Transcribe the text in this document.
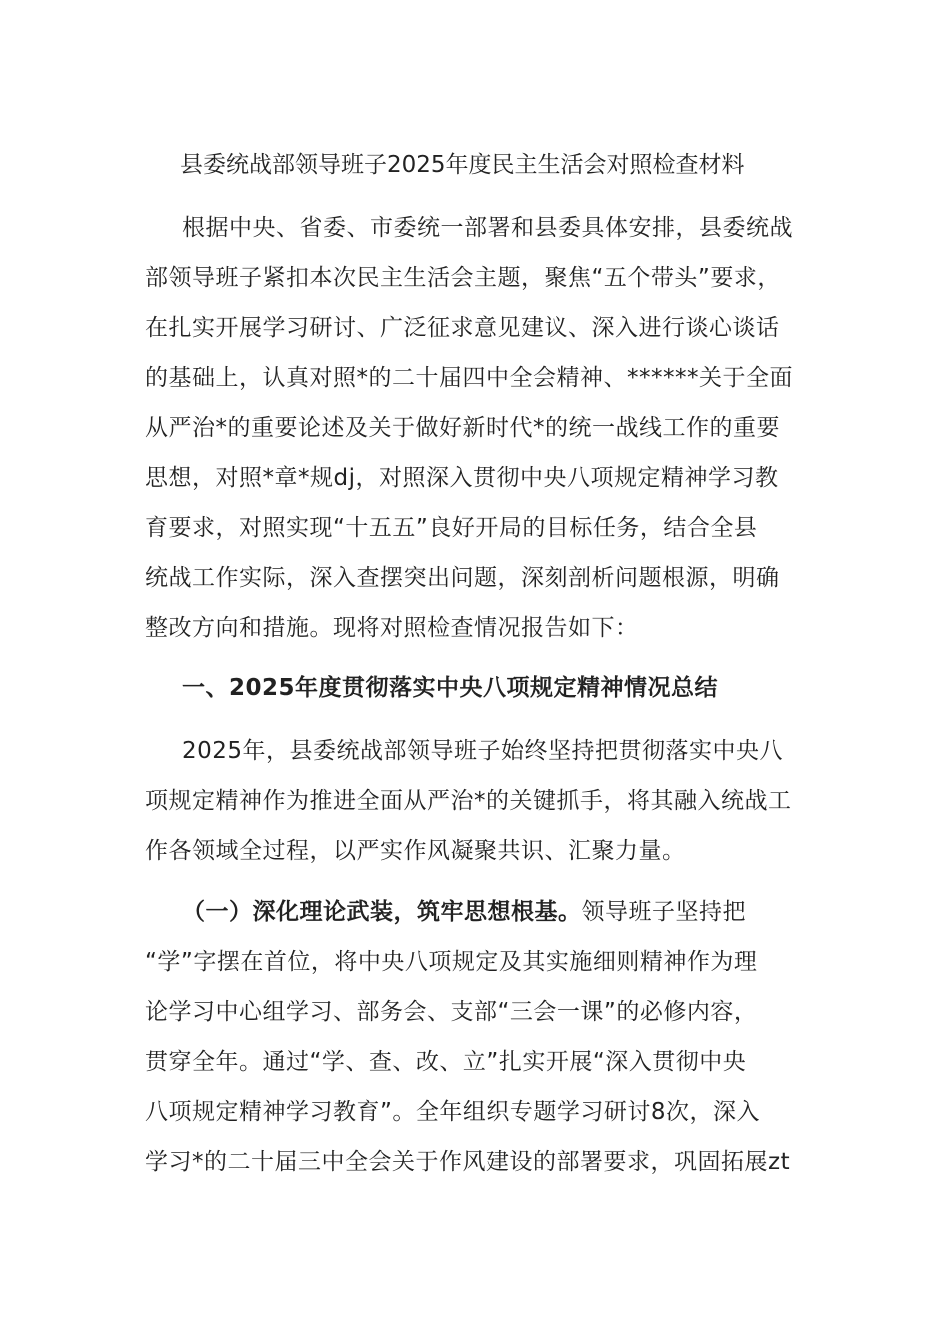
县委统战部领导班子2025年度民主生活会对照检查材料
根据中央、省委、市委统一部署和县委具体安排，县委统战
部领导班子紧扣本次民主生活会主题，聚焦“五个带头”要求，
在扎实开展学习研讨、广泛征求意见建议、深入进行谈心谈话
的基础上，认真对照*的二十届四中全会精神、******关于全面
从严治*的重要论述及关于做好新时代*的统一战线工作的重要
思想，对照*章*规dj，对照深入贯彻中央八项规定精神学习教
育要求，对照实现“十五五”良好开局的目标任务，结合全县
统战工作实际，深入查摆突出问题，深刻剖析问题根源，明确
整改方向和措施。现将对照检查情况报告如下：
一、2025年度贯彻落实中央八项规定精神情况总结
2025年，县委统战部领导班子始终坚持把贯彻落实中央八
项规定精神作为推进全面从严治*的关键抓手，将其融入统战工
作各领域全过程，以严实作风凝聚共识、汇聚力量。
（一）深化理论武装，筑牢思想根基。领导班子坚持把
“学”字摆在首位，将中央八项规定及其实施细则精神作为理
论学习中心组学习、部务会、支部“三会一课”的必修内容，
贯穿全年。通过“学、查、改、立”扎实开展“深入贯彻中央
八项规定精神学习教育”。全年组织专题学习研讨8次，深入
学习*的二十届三中全会关于作风建设的部署要求，巩固拓展zt
